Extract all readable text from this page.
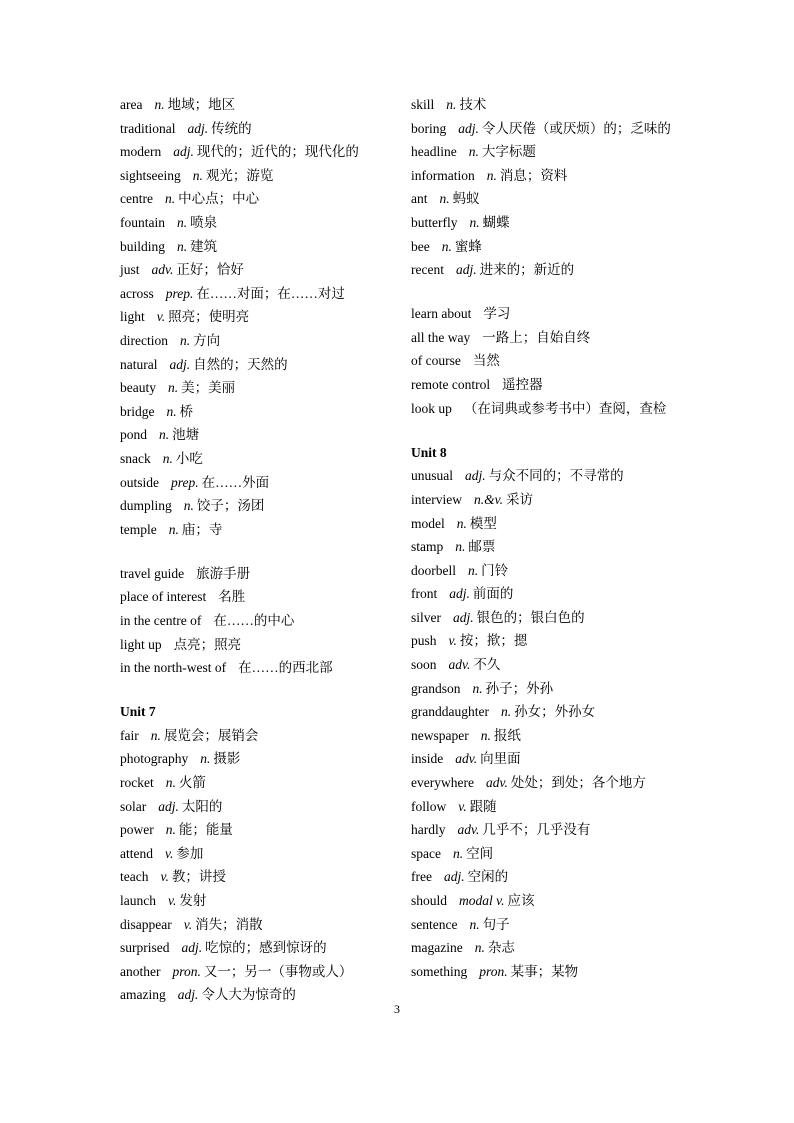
area n. 地域；地区
traditional adj. 传统的
modern adj. 现代的；近代的；现代化的
sightseeing n. 观光；游览
centre n. 中心点；中心
fountain n. 喷泉
building n. 建筑
just adv. 正好；恰好
across prep. 在……对面；在……对过
light v. 照亮；使明亮
direction n. 方向
natural adj. 自然的；天然的
beauty n. 美；美丽
bridge n. 桥
pond n. 池塘
snack n. 小吃
outside prep. 在……外面
dumpling n. 饺子；汤团
temple n. 庙；寺
travel guide 旅游手册
place of interest 名胜
in the centre of 在……的中心
light up 点亮；照亮
in the north-west of 在……的西北部
Unit 7
fair n. 展览会；展销会
photography n. 摄影
rocket n. 火箭
solar adj. 太阳的
power n. 能；能量
attend v. 参加
teach v. 教；讲授
launch v. 发射
disappear v. 消失；消散
surprised adj. 吃惊的；感到惊讶的
another pron. 又一；另一（事物或人）
amazing adj. 令人大为惊奇的
skill n. 技术
boring adj. 令人厌倦（或厌烦）的；乏味的
headline n. 大字标题
information n. 消息；资料
ant n. 蚂蚁
butterfly n. 蝴蝶
bee n. 蜜蜂
recent adj. 进来的；新近的
learn about 学习
all the way 一路上；自始自终
of course 当然
remote control 遥控器
look up （在词典或参考书中）查阅，查检
Unit 8
unusual adj. 与众不同的；不寻常的
interview n.&v. 采访
model n. 模型
stamp n. 邮票
doorbell n. 门铃
front adj. 前面的
silver adj. 银色的；银白色的
push v. 按；揿；摁
soon adv. 不久
grandson n. 孙子；外孙
granddaughter n. 孙女；外孙女
newspaper n. 报纸
inside adv. 向里面
everywhere adv. 处处；到处；各个地方
follow v. 跟随
hardly adv. 几乎不；几乎没有
space n. 空间
free adj. 空闲的
should modal v. 应该
sentence n. 句子
magazine n. 杂志
something pron. 某事；某物
3
